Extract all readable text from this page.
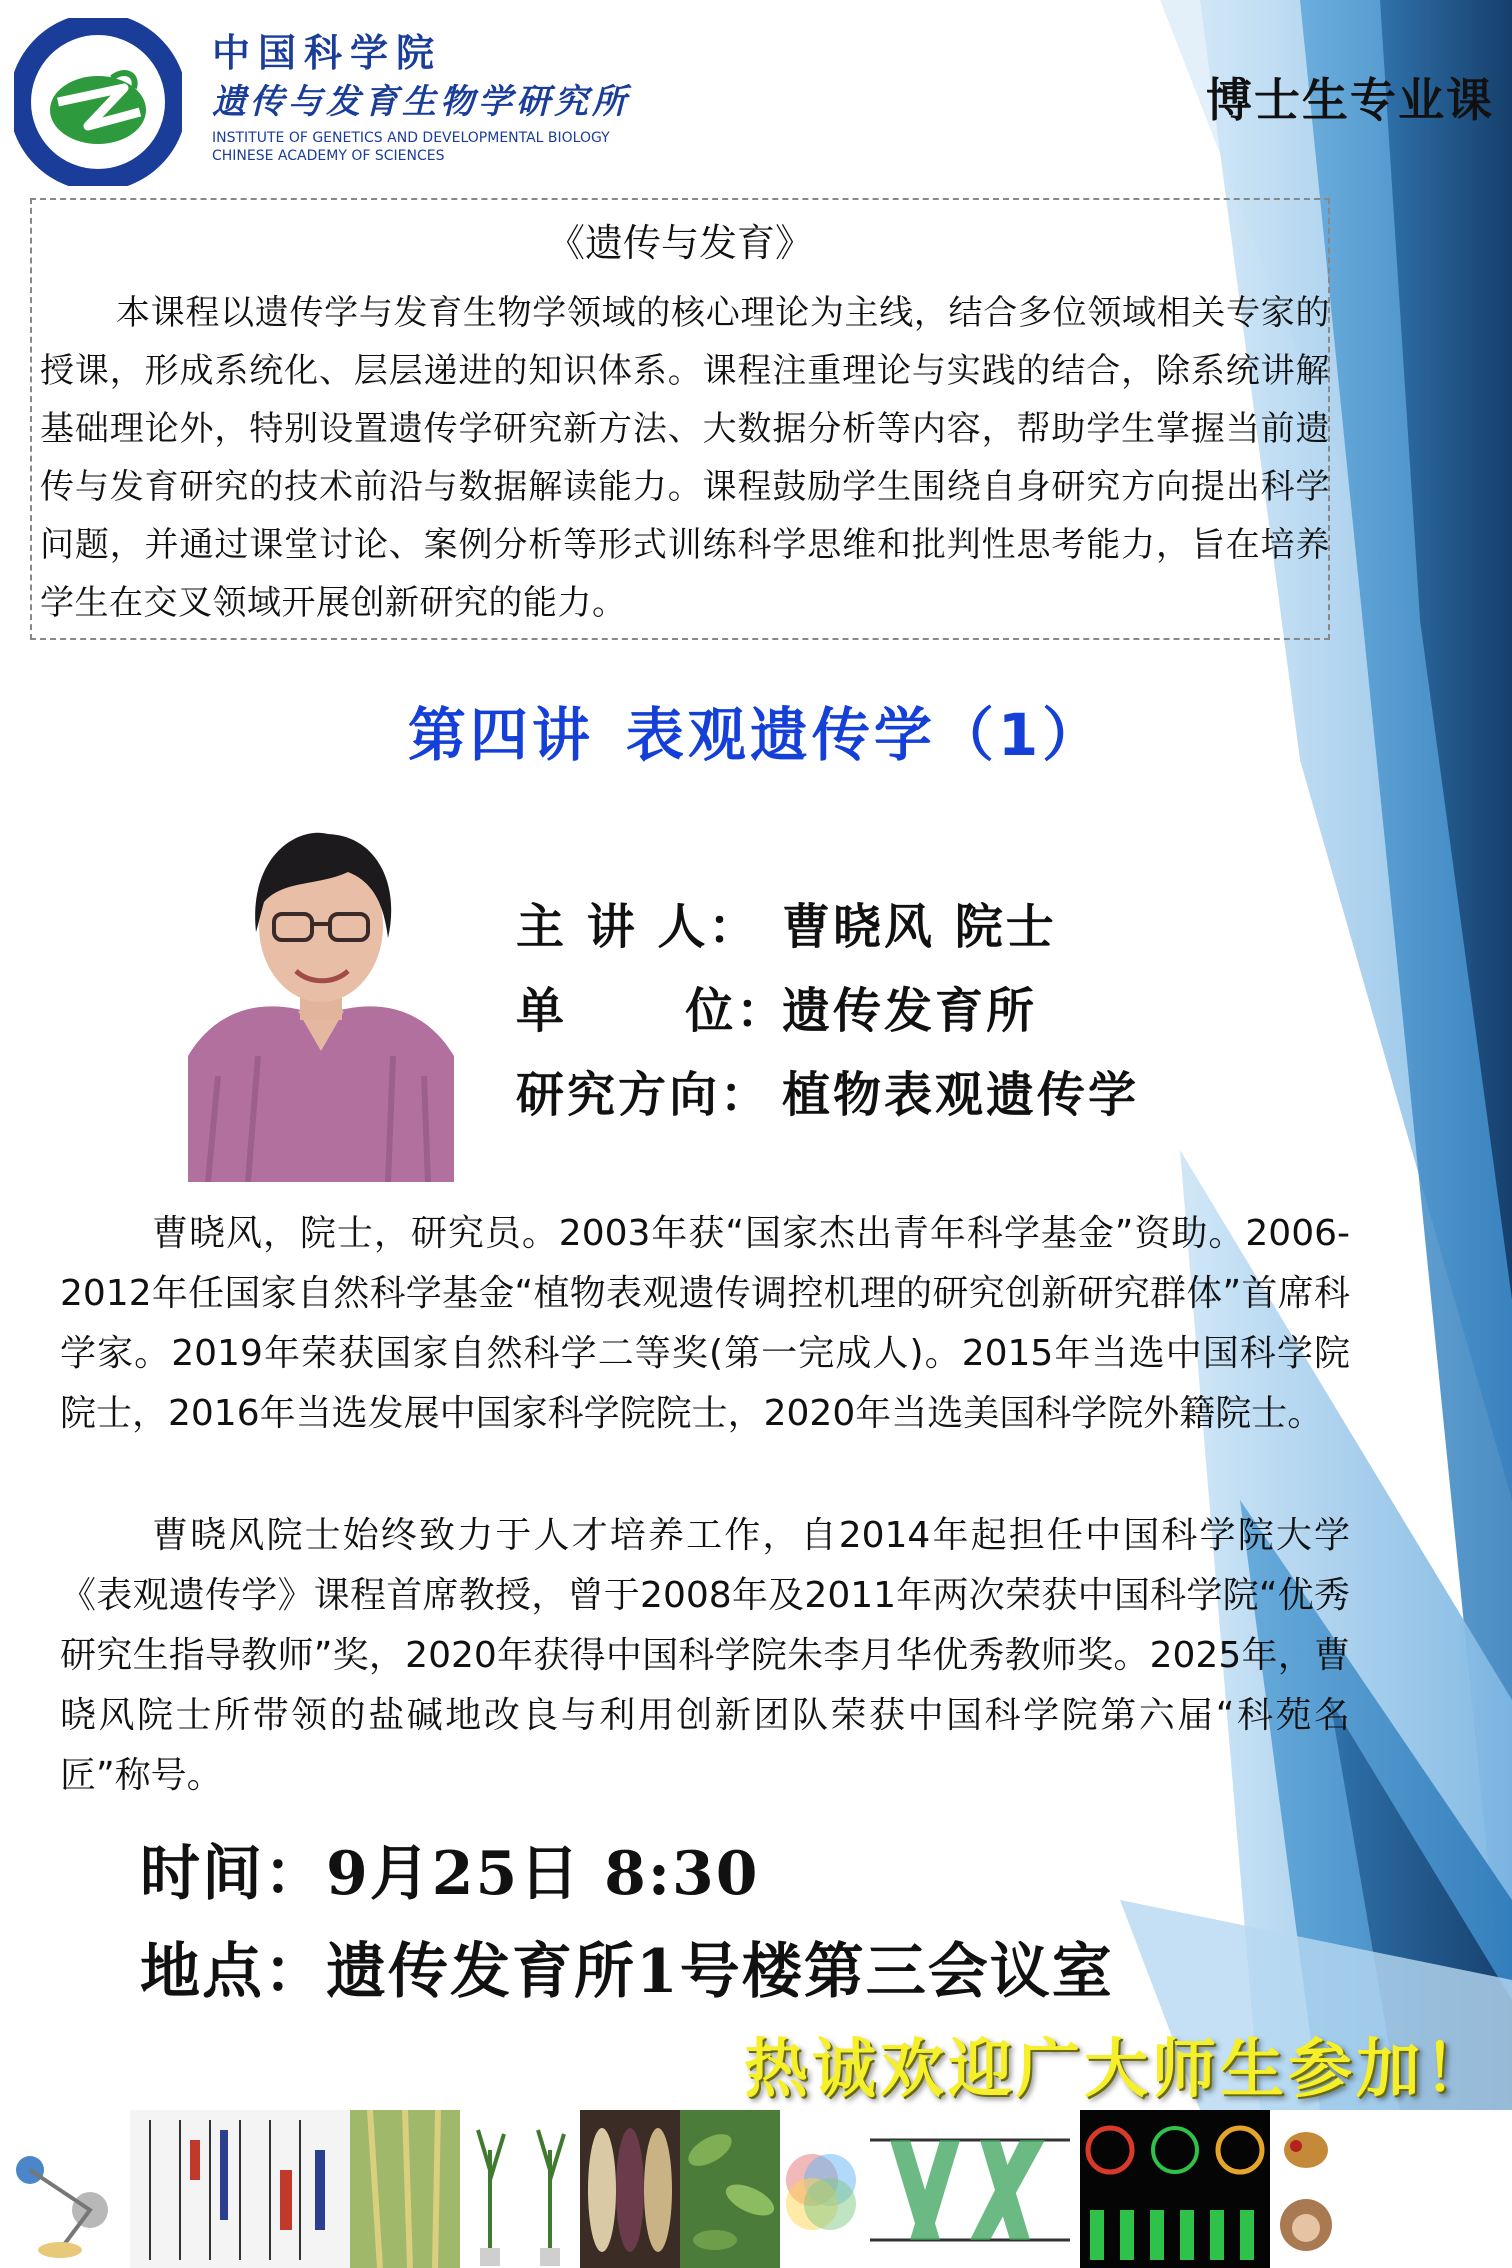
中国科学院
遗传与发育生物学研究所
INSTITUTE OF GENETICS AND DEVELOPMENTAL BIOLOGY
CHINESE ACADEMY OF SCIENCES
博士生专业课
《遗传与发育》
本课程以遗传学与发育生物学领域的核心理论为主线，结合多位领域相关专家的授课，形成系统化、层层递进的知识体系。课程注重理论与实践的结合，除系统讲解基础理论外，特别设置遗传学研究新方法、大数据分析等内容，帮助学生掌握当前遗传与发育研究的技术前沿与数据解读能力。课程鼓励学生围绕自身研究方向提出科学问题，并通过课堂讨论、案例分析等形式训练科学思维和批判性思考能力，旨在培养学生在交叉领域开展创新研究的能力。
第四讲 表观遗传学（1）
主 讲 人： 曹晓风 院士
单      位：遗传发育所
研究方向： 植物表观遗传学
曹晓风，院士，研究员。2003年获“国家杰出青年科学基金”资助。2006-2012年任国家自然科学基金“植物表观遗传调控机理的研究创新研究群体”首席科学家。2019年荣获国家自然科学二等奖(第一完成人)。2015年当选中国科学院院士，2016年当选发展中国家科学院院士，2020年当选美国科学院外籍院士。
曹晓风院士始终致力于人才培养工作，自2014年起担任中国科学院大学《表观遗传学》课程首席教授，曾于2008年及2011年两次荣获中国科学院“优秀研究生指导教师”奖，2020年获得中国科学院朱李月华优秀教师奖。2025年，曹晓风院士所带领的盐碱地改良与利用创新团队荣获中国科学院第六届“科苑名匠”称号。
时间：9月25日 8:30
地点：遗传发育所1号楼第三会议室
热诚欢迎广大师生参加！
